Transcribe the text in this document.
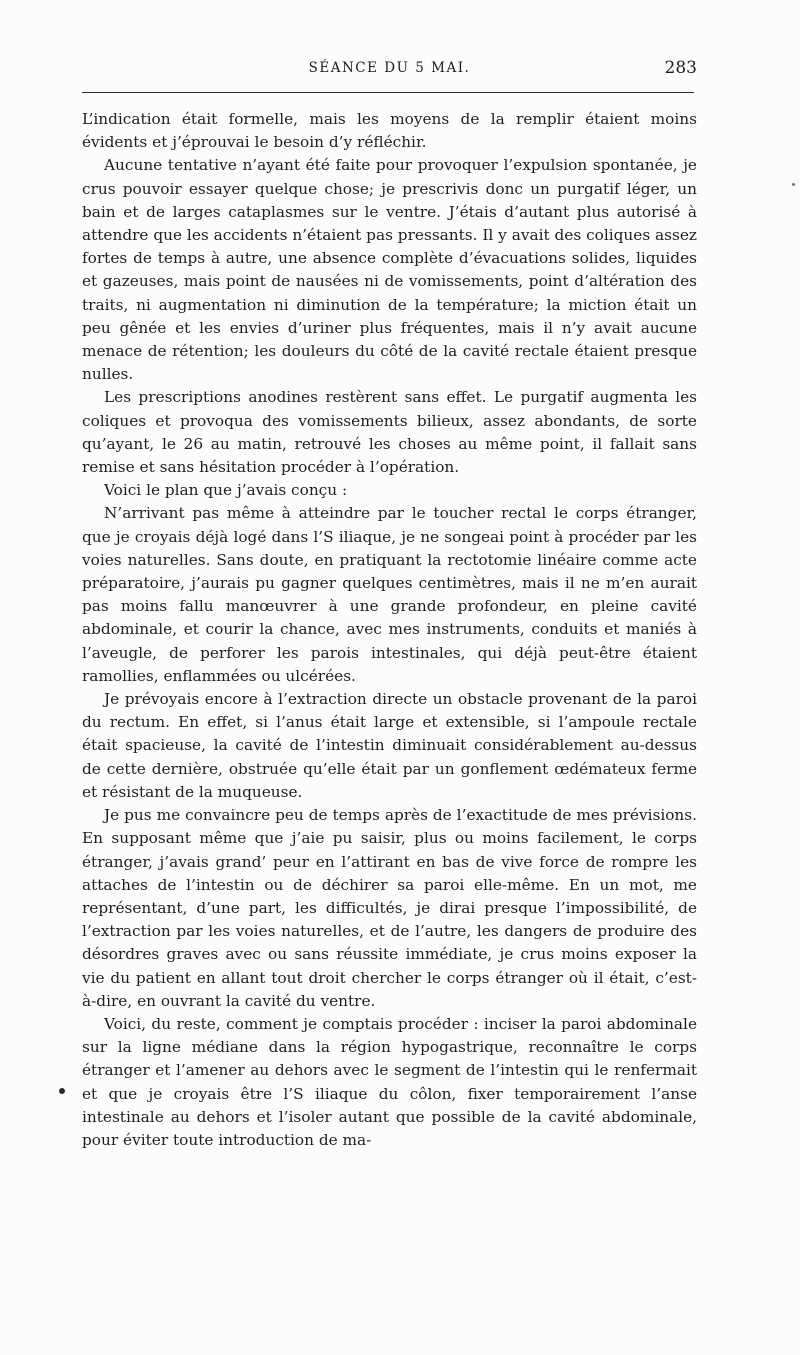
SÉANCE DU 5 MAI.	283

L’indication était formelle, mais les moyens de la remplir étaient moins évidents et j’éprouvai le besoin d’y réfléchir.

Aucune tentative n’ayant été faite pour provoquer l’expulsion spontanée, je crus pouvoir essayer quelque chose; je prescrivis donc un purgatif léger, un bain et de larges cataplasmes sur le ventre. J’étais d’autant plus autorisé à attendre que les accidents n’étaient pas pressants. Il y avait des coliques assez fortes de temps à autre, une absence complète d’évacuations solides, liquides et gazeuses, mais point de nausées ni de vomissements, point d’altération des traits, ni augmentation ni diminution de la température; la miction était un peu gênée et les envies d’uriner plus fréquentes, mais il n’y avait aucune menace de rétention; les douleurs du côté de la cavité rectale étaient presque nulles.

Les prescriptions anodines restèrent sans effet. Le purgatif augmenta les coliques et provoqua des vomissements bilieux, assez abondants, de sorte qu’ayant, le 26 au matin, retrouvé les choses au même point, il fallait sans remise et sans hésitation procéder à l’opération.

Voici le plan que j’avais conçu :

N’arrivant pas même à atteindre par le toucher rectal le corps étranger, que je croyais déjà logé dans l’S iliaque, je ne songeai point à procéder par les voies naturelles. Sans doute, en pratiquant la rectotomie linéaire comme acte préparatoire, j’aurais pu gagner quelques centimètres, mais il ne m’en aurait pas moins fallu manœuvrer à une grande profondeur, en pleine cavité abdominale, et courir la chance, avec mes instruments, conduits et maniés à l’aveugle, de perforer les parois intestinales, qui déjà peut-être étaient ramollies, enflammées ou ulcérées.

Je prévoyais encore à l’extraction directe un obstacle provenant de la paroi du rectum. En effet, si l’anus était large et extensible, si l’ampoule rectale était spacieuse, la cavité de l’intestin diminuait considérablement au-dessus de cette dernière, obstruée qu’elle était par un gonflement œdémateux ferme et résistant de la muqueuse.

Je pus me convaincre peu de temps après de l’exactitude de mes prévisions. En supposant même que j’aie pu saisir, plus ou moins facilement, le corps étranger, j’avais grand’ peur en l’attirant en bas de vive force de rompre les attaches de l’intestin ou de déchirer sa paroi elle-même. En un mot, me représentant, d’une part, les difficultés, je dirai presque l’impossibilité, de l’extraction par les voies naturelles, et de l’autre, les dangers de produire des désordres graves avec ou sans réussite immédiate, je crus moins exposer la vie du patient en allant tout droit chercher le corps étranger où il était, c’est-à-dire, en ouvrant la cavité du ventre.

Voici, du reste, comment je comptais procéder : inciser la paroi abdominale sur la ligne médiane dans la région hypogastrique, reconnaître le corps étranger et l’amener au dehors avec le segment de l’intestin qui le renfermait et que je croyais être l’S iliaque du côlon, fixer temporairement l’anse intestinale au dehors et l’isoler autant que possible de la cavité abdominale, pour éviter toute introduction de ma-
